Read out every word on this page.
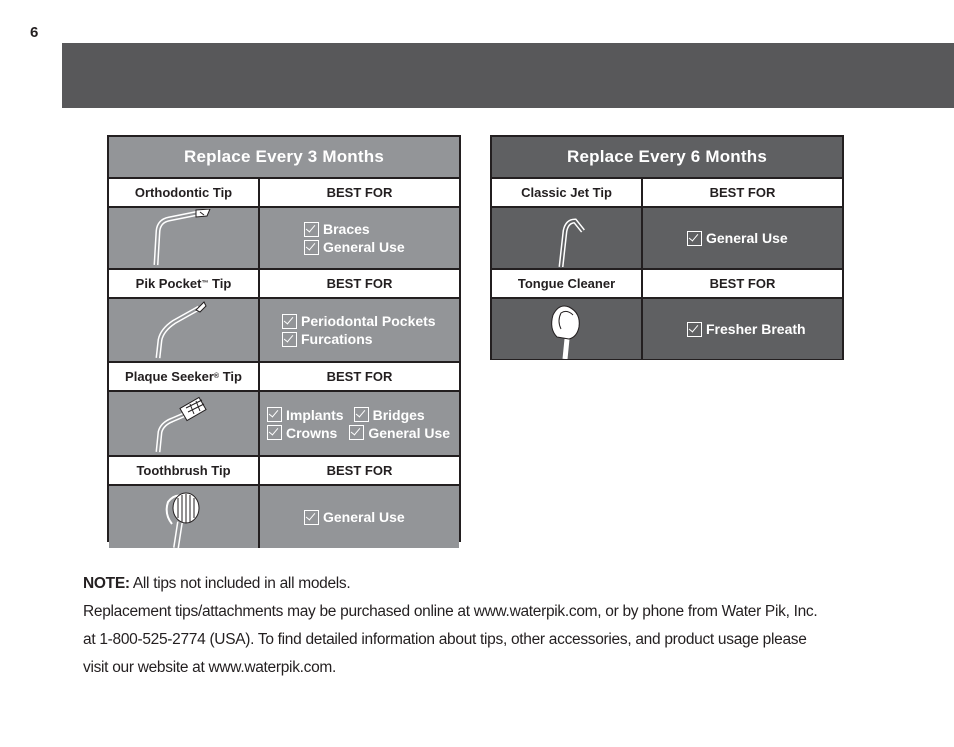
6
Replace Every 3 Months
Orthodontic Tip	BEST FOR
Braces
General Use
Pik Pocket ™ Tip	BEST FOR
Periodontal Pockets
Furcations
Plaque Seeker ® Tip	BEST FOR
Implants Bridges
Crowns General Use
Toothbrush Tip	BEST FOR
General Use
Replace Every 6 Months
Classic Jet Tip	BEST FOR
General Use
Tongue Cleaner	BEST FOR
Fresher Breath

NOTE: All tips not included in all models.

Replacement tips/attachments may be purchased online at www.waterpik.com, or by phone from Water Pik, Inc.

at 1-800-525-2774 (USA). To find detailed information about tips, other accessories, and product usage please

visit our website at www.waterpik.com.
